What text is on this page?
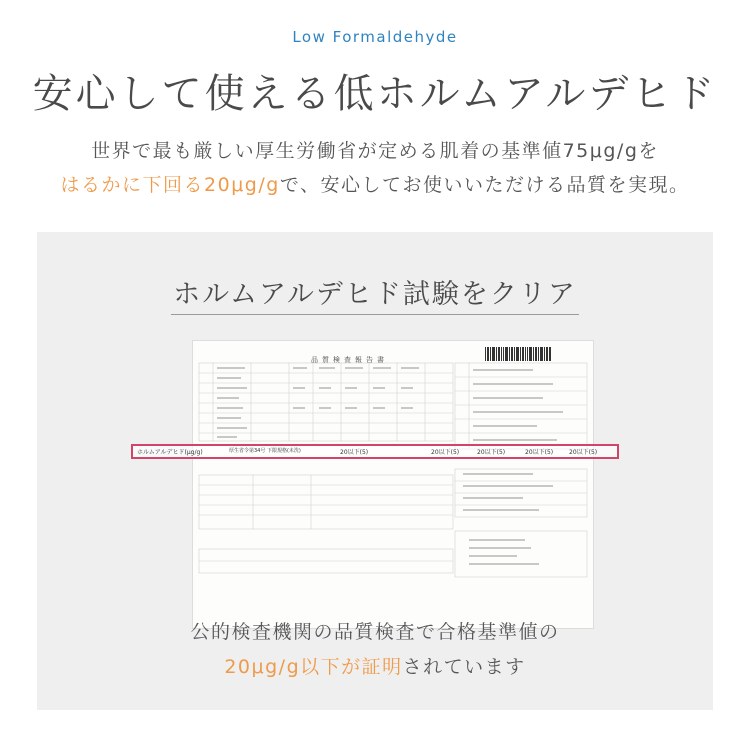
Low Formaldehyde
安心して使える低ホルムアルデヒド
世界で最も厳しい厚生労働省が定める肌着の基準値75μg/gを
はるかに下回る20μg/gで、安心してお使いいただける品質を実現。
ホルムアルデヒド試験をクリア
品質検査報告書
ホルムアルデヒド(μg/g)	厚生省令第34号 下限規格(未洗)	20以下(5)	20以下(5)	20以下(5)	20以下(5)	20以下(5)
公的検査機関の品質検査で合格基準値の
20μg/g以下が証明されています
